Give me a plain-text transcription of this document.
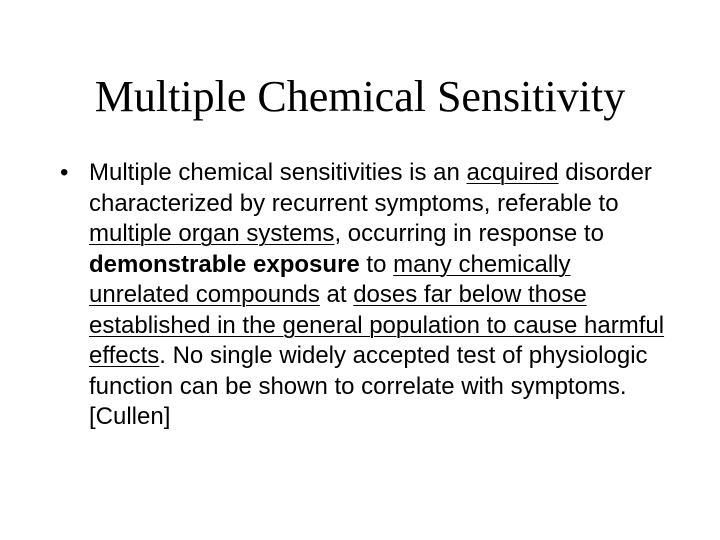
Multiple Chemical Sensitivity
• Multiple chemical sensitivities is an acquired disorder characterized by recurrent symptoms, referable to multiple organ systems, occurring in response to demonstrable exposure to many chemically unrelated compounds at doses far below those established in the general population to cause harmful effects. No single widely accepted test of physiologic function can be shown to correlate with symptoms. [Cullen]
